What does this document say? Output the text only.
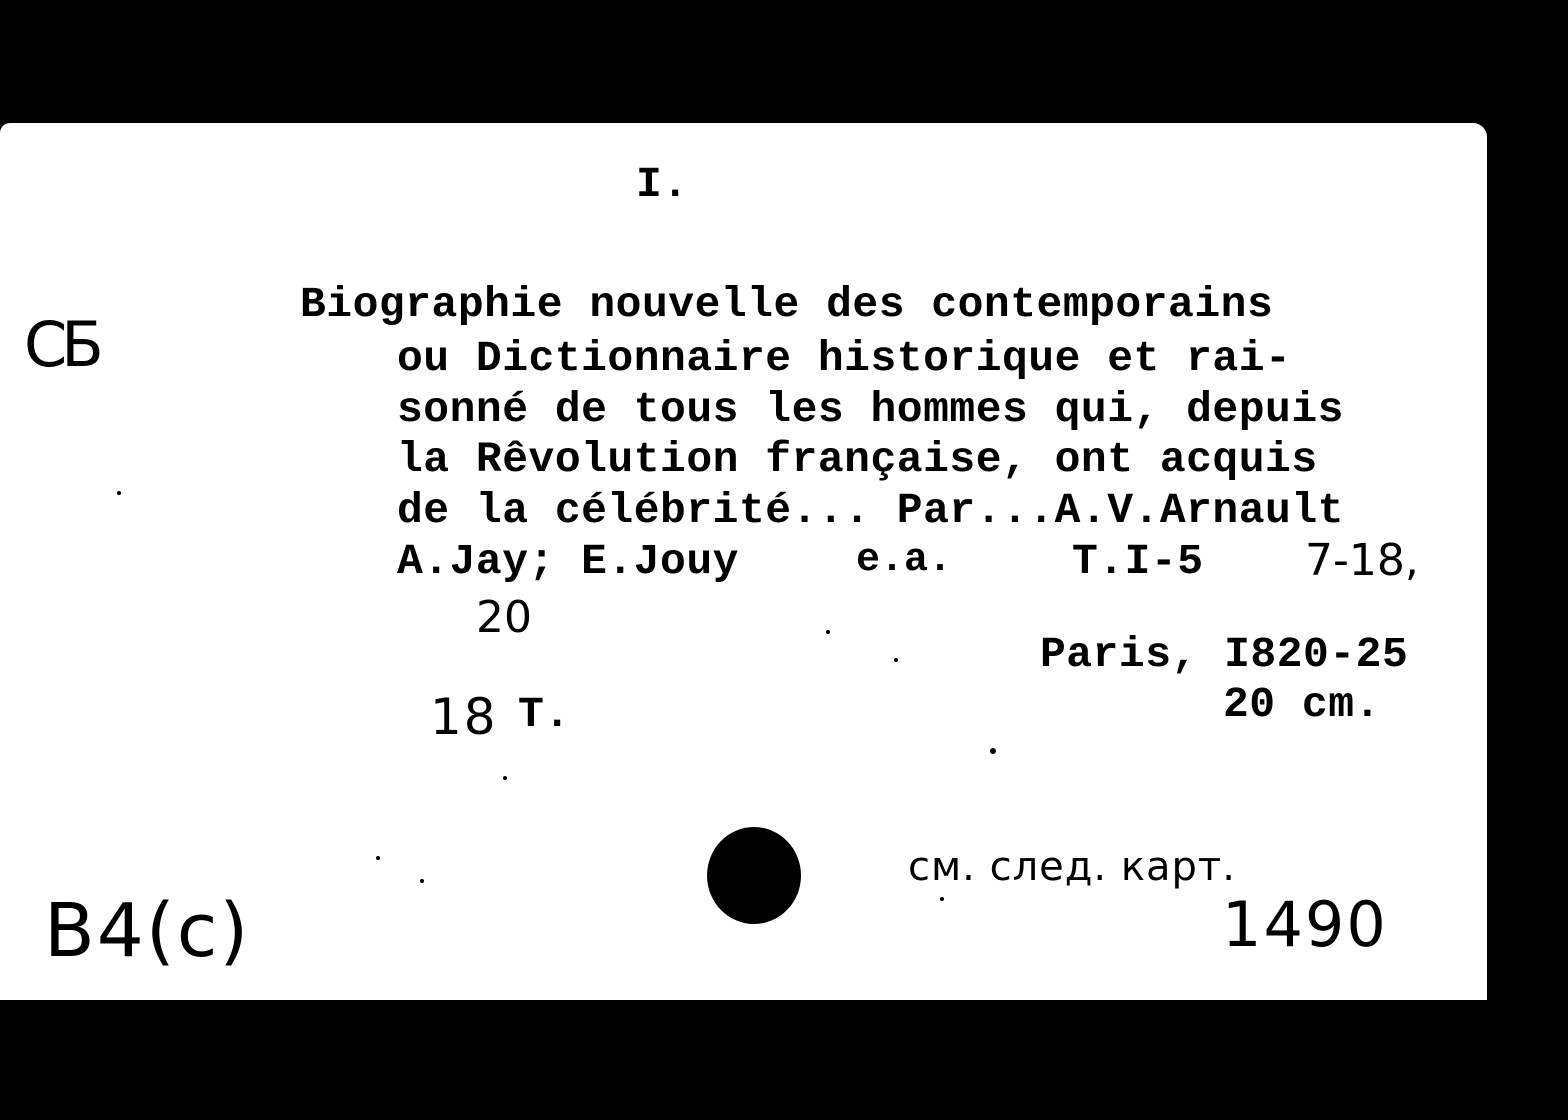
I.
СБ
Biographie nouvelle des contemporains
ou Dictionnaire historique et rai-
sonné de tous les hommes qui, depuis
la Rêvolution française, ont acquis
de la célébrité... Par...A.V.Arnault
A.Jay; E.Jouy	e.a.	T.I-5 7-18,
20
Paris, I820-25
20 cm.
18 T.
см. след. карт.
1490
B4(c)
